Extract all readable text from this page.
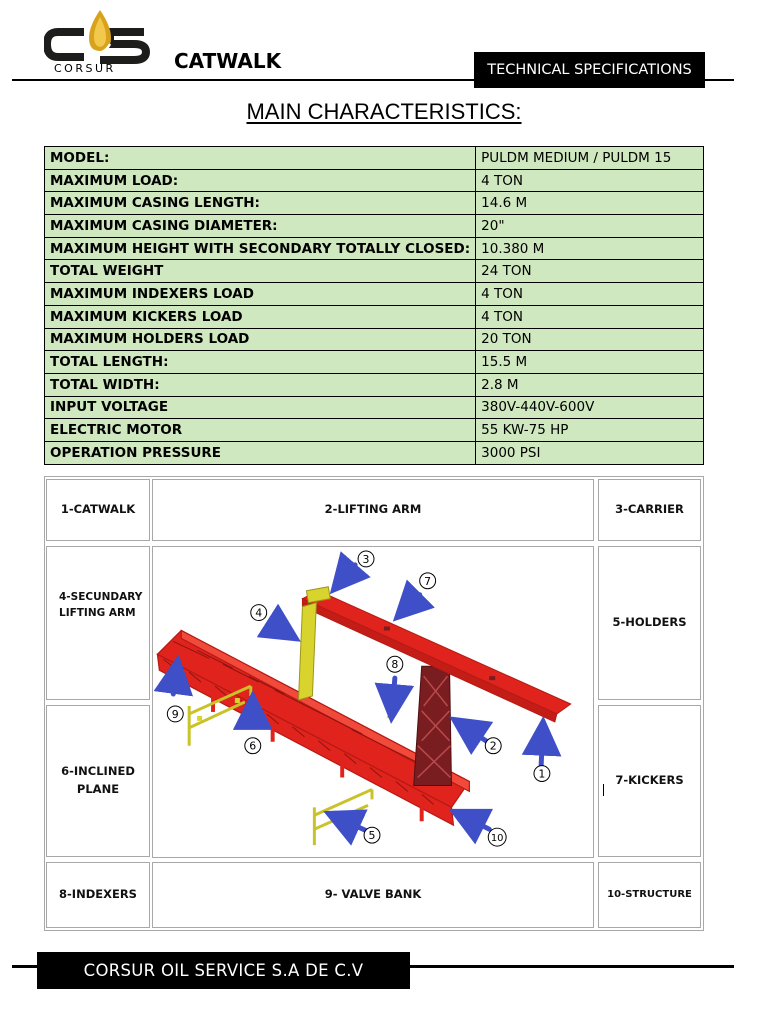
CORSUR	CATWALK	TECHNICAL SPECIFICATIONS
MAIN CHARACTERISTICS:
MODEL:	PULDM MEDIUM / PULDM 15
MAXIMUM LOAD:	4 TON
MAXIMUM CASING LENGTH:	14.6 M
MAXIMUM CASING DIAMETER:	20"
MAXIMUM HEIGHT WITH SECONDARY TOTALLY CLOSED:	10.380 M
TOTAL WEIGHT	24 TON
MAXIMUM INDEXERS LOAD	4 TON
MAXIMUM KICKERS LOAD	4 TON
MAXIMUM HOLDERS LOAD	20 TON
TOTAL LENGTH:	15.5 M
TOTAL WIDTH:	2.8 M
INPUT VOLTAGE	380V-440V-600V
ELECTRIC MOTOR	55 KW-75 HP
OPERATION PRESSURE	3000 PSI
1-CATWALK	2-LIFTING ARM	3-CARRIER
4-SECUNDARY LIFTING ARM
5-HOLDERS
6-INCLINED PLANE
7-KICKERS
8-INDEXERS	9- VALVE BANK	10-STRUCTURE
1
2
3
4
5
6
7
8
9
10
CORSUR OIL SERVICE S.A DE C.V
